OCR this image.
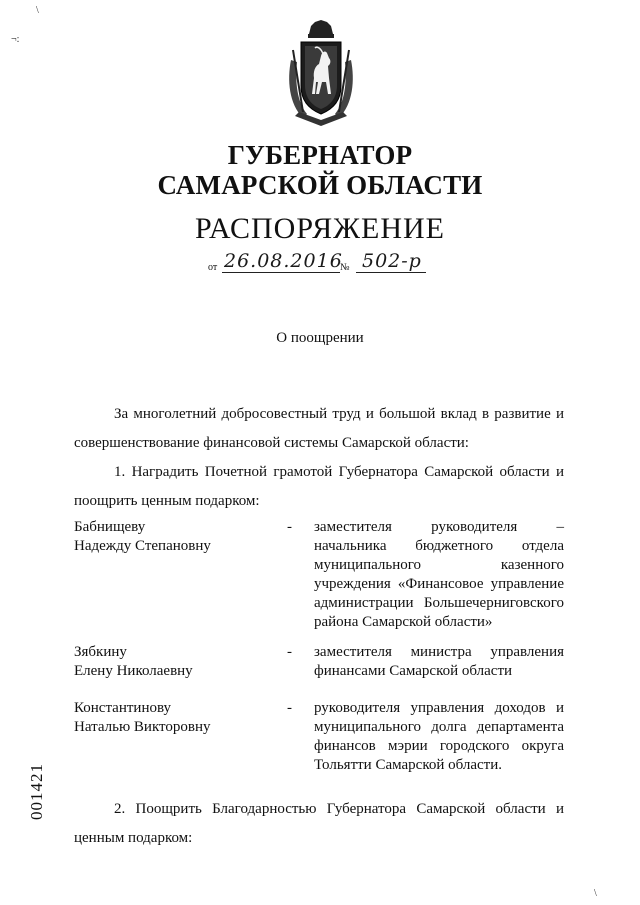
ГУБЕРНАТОР
САМАРСКОЙ ОБЛАСТИ
РАСПОРЯЖЕНИЕ
от 26.08.2016
№ 502-р
О поощрении
За многолетний добросовестный труд и большой вклад в развитие и совершенствование финансовой системы Самарской области:
1. Наградить Почетной грамотой Губернатора Самарской области и поощрить ценным подарком:
Бабнищеву
Надежду Степановну
- заместителя руководителя – начальника бюджетного отдела муниципального казенного учреждения «Финансовое управление администрации Большечерниговского района Самарской области»
Зябкину
Елену Николаевну
- заместителя министра управления финансами Самарской области
Константинову
Наталью Викторовну
- руководителя управления доходов и муниципального долга департамента финансов мэрии городского округа Тольятти Самарской области.
2. Поощрить Благодарностью Губернатора Самарской области и ценным подарком:
001421
\
¬:
\
